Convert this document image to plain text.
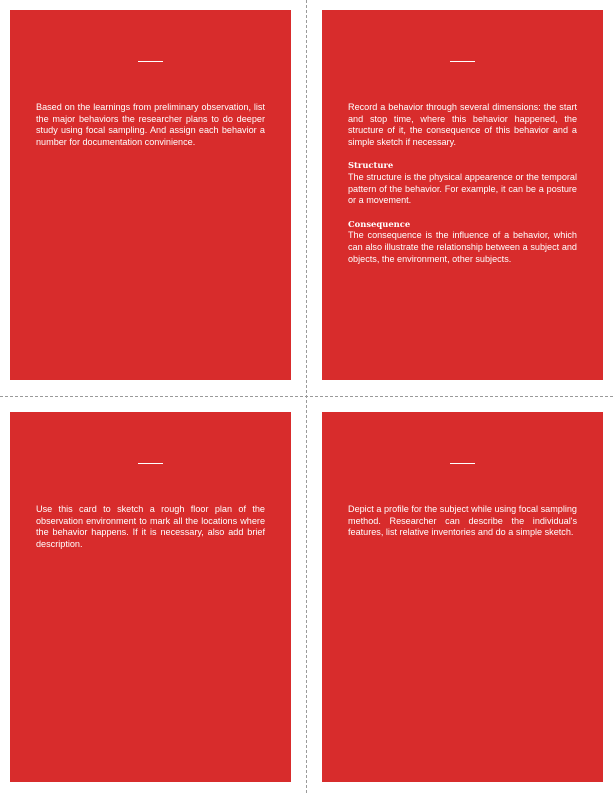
Based on the learnings from preliminary observation, list the major behaviors the researcher plans to do deeper study using focal sampling. And assign each behavior a number for documentation convinience.

Record a behavior through several dimensions: the start and stop time, where this behavior happened, the structure of it, the consequence of this behavior and a simple sketch if necessary.

Structure

The structure is the physical appearence or the temporal pattern of the behavior. For example, it can be a posture or a movement.

Consequence

The consequence is the influence of a behavior, which can also illustrate the relationship between a subject and objects, the environment, other subjects.

Use this card to sketch a rough floor plan of the observation environment to mark all the locations where the behavior happens. If it is necessary, also add brief description.

Depict a profile for the subject while using focal sampling method. Researcher can describe the individual's features, list relative inventories and do a simple sketch.
